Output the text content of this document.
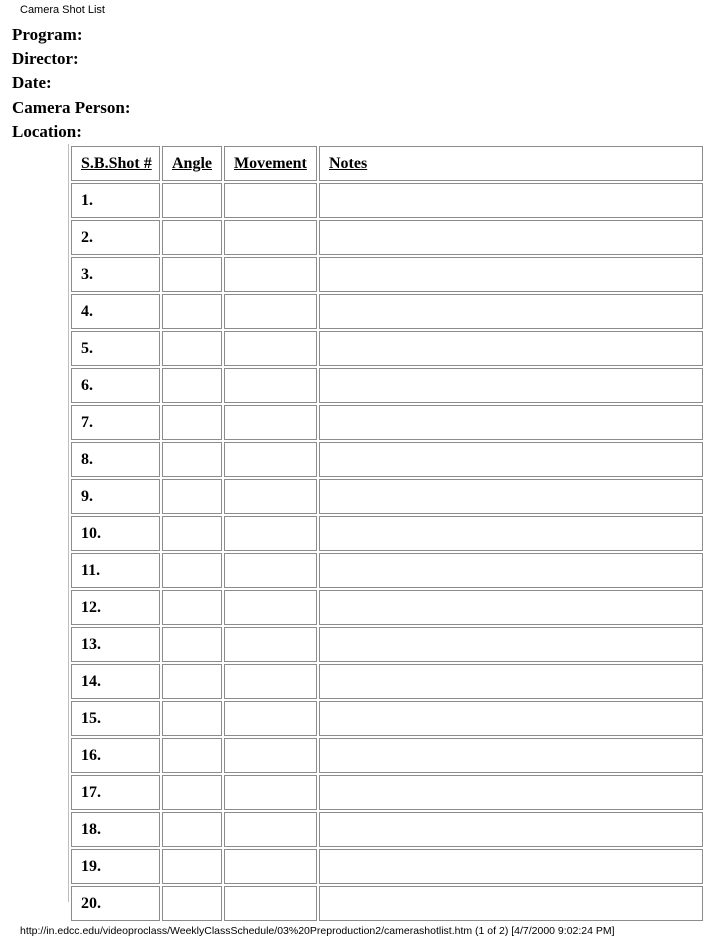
Camera Shot List
Program:
Director:
Date:
Camera Person:
Location:
S.B.Shot #	Angle	Movement	Notes
1.			
2.			
3.			
4.			
5.			
6.			
7.			
8.			
9.			
10.			
11.			
12.			
13.			
14.			
15.			
16.			
17.			
18.			
19.			
20.			
http://in.edcc.edu/videoproclass/WeeklyClassSchedule/03%20Preproduction2/camerashotlist.htm (1 of 2) [4/7/2000 9:02:24 PM]
